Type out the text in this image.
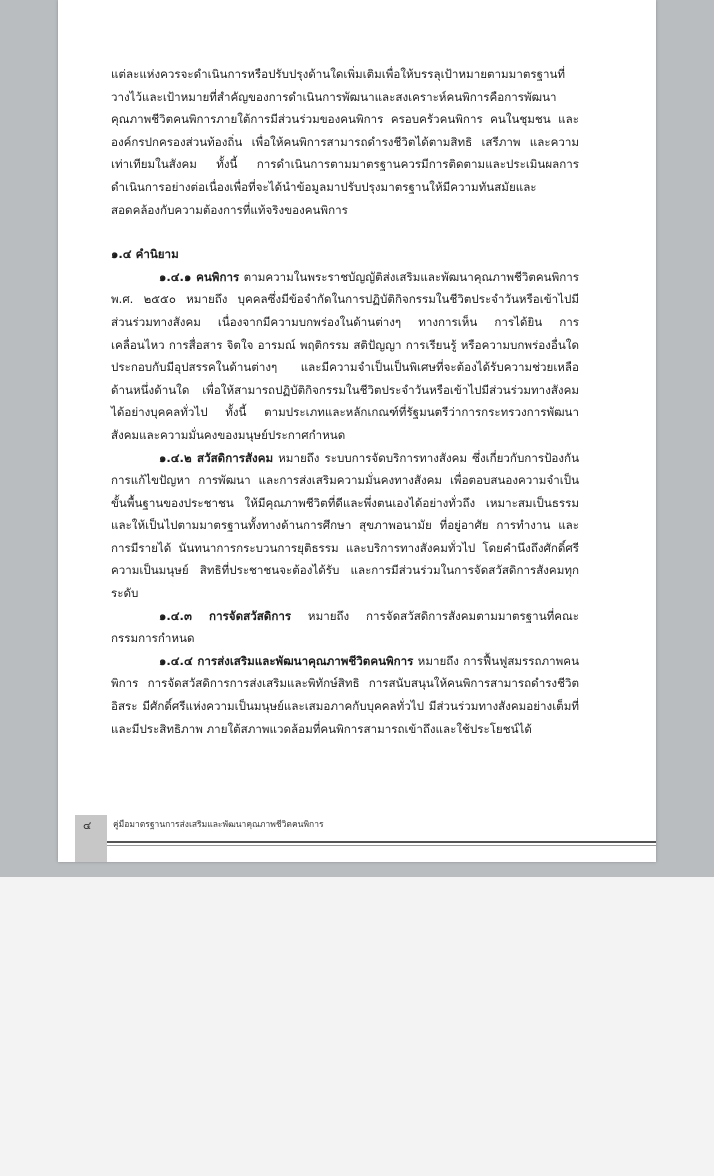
แต่ละแห่งควรจะดำเนินการหรือปรับปรุงด้านใดเพิ่มเติมเพื่อให้บรรลุเป้าหมายตามมาตรฐานที่วางไว้และเป้าหมายที่สำคัญของการดำเนินการพัฒนาและสงเคราะห์คนพิการคือการพัฒนาคุณภาพชีวิตคนพิการภายใต้การมีส่วนร่วมของคนพิการ ครอบครัวคนพิการ คนในชุมชน และองค์กรปกครองส่วนท้องถิ่น เพื่อให้คนพิการสามารถดำรงชีวิตได้ตามสิทธิ เสรีภาพ และความเท่าเทียมในสังคม ทั้งนี้ การดำเนินการตามมาตรฐานควรมีการติดตามและประเมินผลการดำเนินการอย่างต่อเนื่องเพื่อที่จะได้นำข้อมูลมาปรับปรุงมาตรฐานให้มีความทันสมัยและสอดคล้องกับความต้องการที่แท้จริงของคนพิการ

๑.๔ คำนิยาม

๑.๔.๑ คนพิการ ตามความในพระราชบัญญัติส่งเสริมและพัฒนาคุณภาพชีวิตคนพิการ พ.ศ. ๒๕๕๐ หมายถึง บุคคลซึ่งมีข้อจำกัดในการปฏิบัติกิจกรรมในชีวิตประจำวันหรือเข้าไปมีส่วนร่วมทางสังคม เนื่องจากมีความบกพร่องในด้านต่างๆ ทางการเห็น การได้ยิน การเคลื่อนไหว การสื่อสาร จิตใจ อารมณ์ พฤติกรรม สติปัญญา การเรียนรู้ หรือความบกพร่องอื่นใด ประกอบกับมีอุปสรรคในด้านต่างๆ และมีความจำเป็นเป็นพิเศษที่จะต้องได้รับความช่วยเหลือด้านหนึ่งด้านใด เพื่อให้สามารถปฏิบัติกิจกรรมในชีวิตประจำวันหรือเข้าไปมีส่วนร่วมทางสังคมได้อย่างบุคคลทั่วไป ทั้งนี้ ตามประเภทและหลักเกณฑ์ที่รัฐมนตรีว่าการกระทรวงการพัฒนาสังคมและความมั่นคงของมนุษย์ประกาศกำหนด

๑.๔.๒ สวัสดิการสังคม หมายถึง ระบบการจัดบริการทางสังคม ซึ่งเกี่ยวกับการป้องกัน การแก้ไขปัญหา การพัฒนา และการส่งเสริมความมั่นคงทางสังคม เพื่อตอบสนองความจำเป็นขั้นพื้นฐานของประชาชน ให้มีคุณภาพชีวิตที่ดีและพึ่งตนเองได้อย่างทั่วถึง เหมาะสมเป็นธรรม และให้เป็นไปตามมาตรฐานทั้งทางด้านการศึกษา สุขภาพอนามัย ที่อยู่อาศัย การทำงาน และการมีรายได้ นันทนาการกระบวนการยุติธรรม และบริการทางสังคมทั่วไป โดยคำนึงถึงศักดิ์ศรีความเป็นมนุษย์ สิทธิที่ประชาชนจะต้องได้รับ และการมีส่วนร่วมในการจัดสวัสดิการสังคมทุกระดับ

๑.๔.๓ การจัดสวัสดิการ หมายถึง การจัดสวัสดิการสังคมตามมาตรฐานที่คณะกรรมการกำหนด

๑.๔.๔ การส่งเสริมและพัฒนาคุณภาพชีวิตคนพิการ หมายถึง การฟื้นฟูสมรรถภาพคนพิการ การจัดสวัสดิการการส่งเสริมและพิทักษ์สิทธิ การสนับสนุนให้คนพิการสามารถดำรงชีวิตอิสระ มีศักดิ์ศรีแห่งความเป็นมนุษย์และเสมอภาคกับบุคคลทั่วไป มีส่วนร่วมทางสังคมอย่างเต็มที่และมีประสิทธิภาพ ภายใต้สภาพแวดล้อมที่คนพิการสามารถเข้าถึงและใช้ประโยชน์ได้

๔	คู่มือมาตรฐานการส่งเสริมและพัฒนาคุณภาพชีวิตคนพิการ
